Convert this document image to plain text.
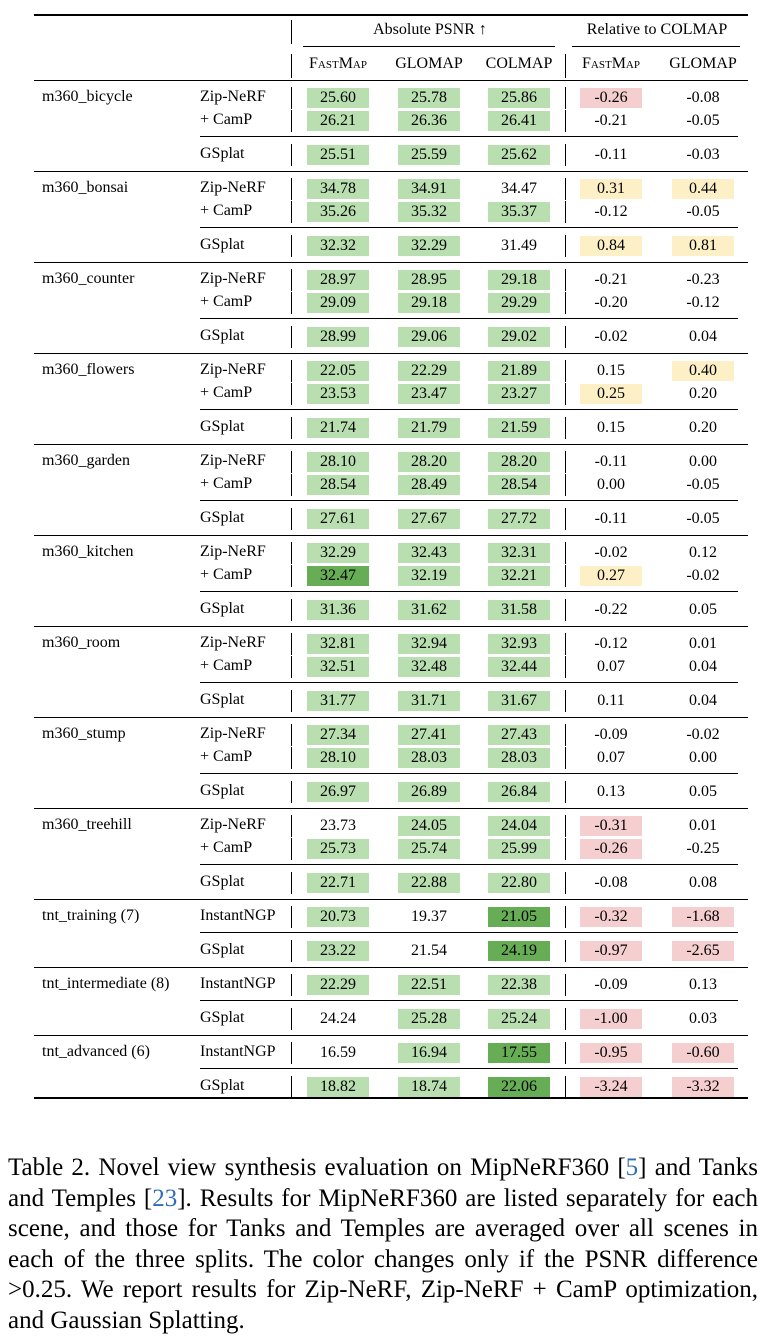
Absolute PSNR ↑	Relative to COLMAP
FastMap GLOMAP COLMAP FastMap GLOMAP
Zip-NeRF	25.60	25.78	25.86	-0.26	-0.08
+ CamP	26.21	26.36	26.41	-0.21	-0.05
GSplat	25.51	25.59	25.62	-0.11	-0.03
m360_bicycle
Zip-NeRF	34.78	34.91	34.47	0.31	0.44
+ CamP	35.26	35.32	35.37	-0.12	-0.05
GSplat	32.32	32.29	31.49	0.84	0.81
m360_bonsai
Zip-NeRF	28.97	28.95	29.18	-0.21	-0.23
+ CamP	29.09	29.18	29.29	-0.20	-0.12
GSplat	28.99	29.06	29.02	-0.02	0.04
m360_counter
Zip-NeRF	22.05	22.29	21.89	0.15	0.40
+ CamP	23.53	23.47	23.27	0.25	0.20
GSplat	21.74	21.79	21.59	0.15	0.20
m360_flowers
Zip-NeRF	28.10	28.20	28.20	-0.11	0.00
+ CamP	28.54	28.49	28.54	0.00	-0.05
GSplat	27.61	27.67	27.72	-0.11	-0.05
m360_garden
Zip-NeRF	32.29	32.43	32.31	-0.02	0.12
+ CamP	32.47	32.19	32.21	0.27	-0.02
GSplat	31.36	31.62	31.58	-0.22	0.05
m360_kitchen
Zip-NeRF	32.81	32.94	32.93	-0.12	0.01
+ CamP	32.51	32.48	32.44	0.07	0.04
GSplat	31.77	31.71	31.67	0.11	0.04
m360_room
Zip-NeRF	27.34	27.41	27.43	-0.09	-0.02
+ CamP	28.10	28.03	28.03	0.07	0.00
GSplat	26.97	26.89	26.84	0.13	0.05
m360_stump
Zip-NeRF	23.73	24.05	24.04	-0.31	0.01
+ CamP	25.73	25.74	25.99	-0.26	-0.25
GSplat	22.71	22.88	22.80	-0.08	0.08
m360_treehill
InstantNGP	20.73	19.37	21.05	-0.32	-1.68
GSplat	23.22	21.54	24.19	-0.97	-2.65
tnt_training (7)
InstantNGP	22.29	22.51	22.38	-0.09	0.13
GSplat	24.24	25.28	25.24	-1.00	0.03
tnt_intermediate (8)
InstantNGP	16.59	16.94	17.55	-0.95	-0.60
GSplat	18.82	18.74	22.06	-3.24	-3.32
tnt_advanced (6)

Table 2. Novel view synthesis evaluation on MipNeRF360 [5] and Tanks and Temples [23]. Results for MipNeRF360 are listed separately for each scene, and those for Tanks and Temples are averaged over all scenes in each of the three splits. The color changes only if the PSNR difference >0.25. We report results for Zip-NeRF, Zip-NeRF + CamP optimization, and Gaussian Splatting.
